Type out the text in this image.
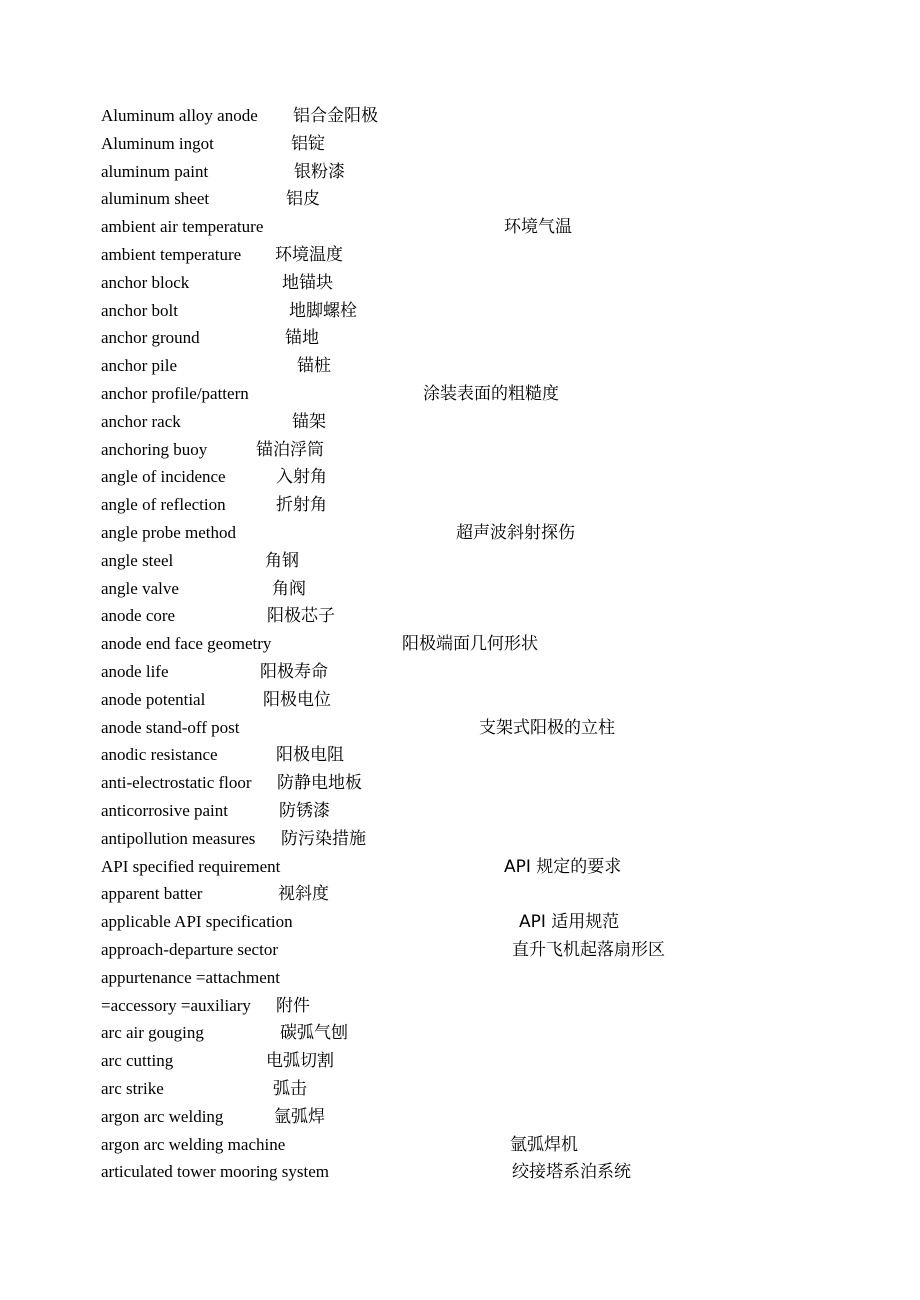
Aluminum alloy anode 铝合金阳极
Aluminum ingot	铝锭
aluminum paint	银粉漆
aluminum sheet	铝皮
ambient air temperature	环境气温
ambient temperature 环境温度
anchor block	地锚块
anchor bolt	地脚螺栓
anchor ground	锚地
anchor pile	锚桩
anchor profile/pattern	涂装表面的粗糙度
anchor rack	锚架
anchoring buoy	锚泊浮筒
angle of incidence	入射角
angle of reflection	折射角
angle probe method	超声波斜射探伤
angle steel	角钢
angle valve	角阀
anode core	阳极芯子
anode end face geometry	阳极端面几何形状
anode life	阳极寿命
anode potential	阳极电位
anode stand-off post	支架式阳极的立柱
anodic resistance	阳极电阻
anti-electrostatic floor 防静电地板
anticorrosive paint	防锈漆
antipollution measures 防污染措施
API specified requirement	API 规定的要求
apparent batter	视斜度
applicable API specification	API 适用规范
approach-departure sector	直升飞机起落扇形区
appurtenance =attachment
=accessory =auxiliary 附件
arc air gouging	碳弧气刨
arc cutting	电弧切割
arc strike	弧击
argon arc welding	氩弧焊
argon arc welding machine	氩弧焊机
articulated tower mooring system	绞接塔系泊系统
